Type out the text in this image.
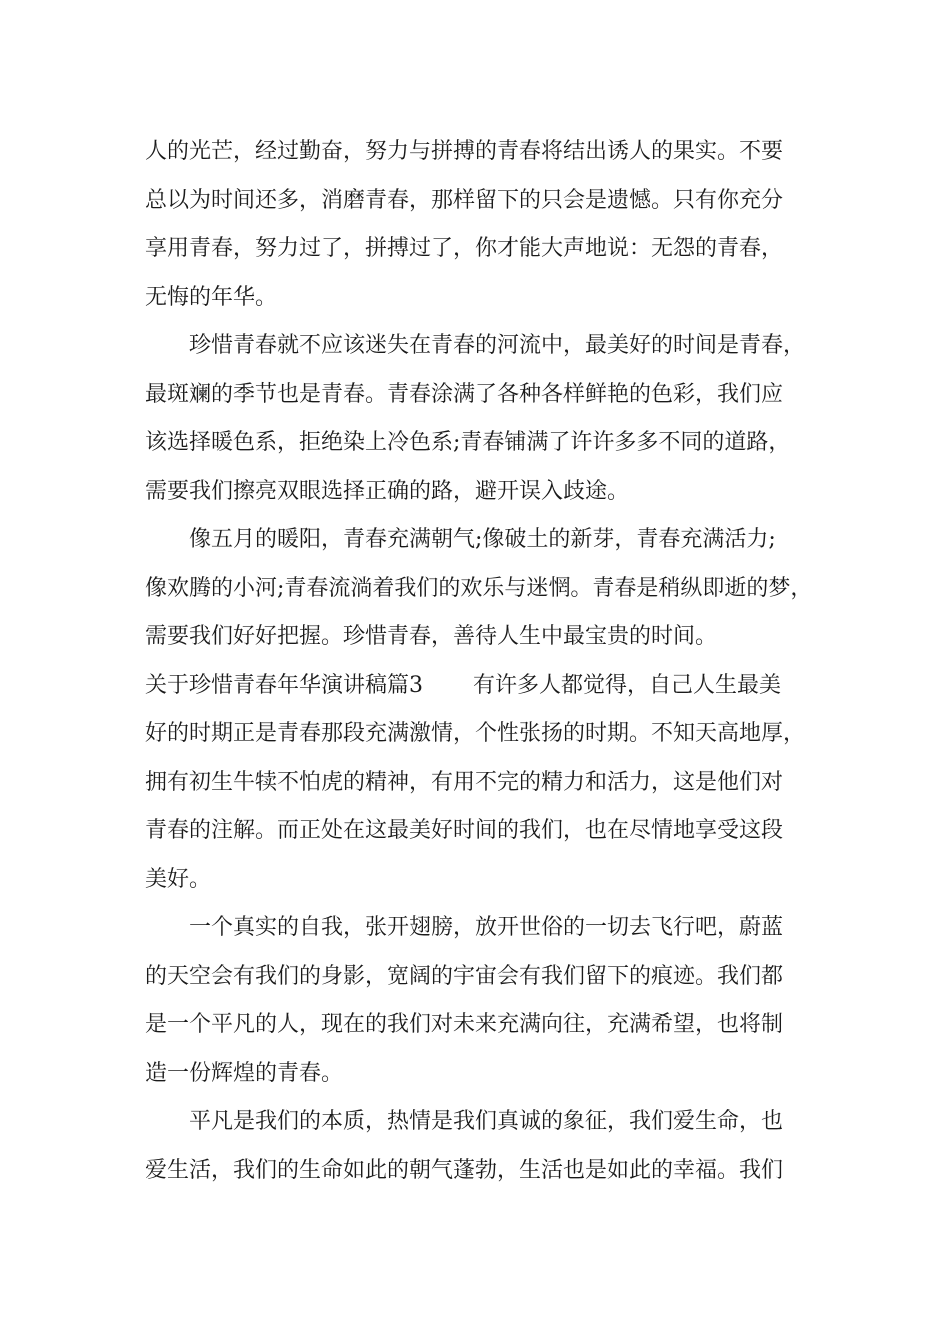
人的光芒，经过勤奋，努力与拼搏的青春将结出诱人的果实。不要
总以为时间还多，消磨青春，那样留下的只会是遗憾。只有你充分
享用青春，努力过了，拼搏过了，你才能大声地说：无怨的青春，
无悔的年华。
珍惜青春就不应该迷失在青春的河流中，最美好的时间是青春，
最斑斓的季节也是青春。青春涂满了各种各样鲜艳的色彩，我们应
该选择暖色系，拒绝染上冷色系;青春铺满了许许多多不同的道路，
需要我们擦亮双眼选择正确的路，避开误入歧途。
像五月的暖阳，青春充满朝气;像破土的新芽，青春充满活力;
像欢腾的小河;青春流淌着我们的欢乐与迷惘。青春是稍纵即逝的梦，
需要我们好好把握。珍惜青春，善待人生中最宝贵的时间。
关于珍惜青春年华演讲稿篇3 有许多人都觉得，自己人生最美
好的时期正是青春那段充满激情，个性张扬的时期。不知天高地厚，
拥有初生牛犊不怕虎的精神，有用不完的精力和活力，这是他们对
青春的注解。而正处在这最美好时间的我们，也在尽情地享受这段
美好。
一个真实的自我，张开翅膀，放开世俗的一切去飞行吧，蔚蓝
的天空会有我们的身影，宽阔的宇宙会有我们留下的痕迹。我们都
是一个平凡的人，现在的我们对未来充满向往，充满希望，也将制
造一份辉煌的青春。
平凡是我们的本质，热情是我们真诚的象征，我们爱生命，也
爱生活，我们的生命如此的朝气蓬勃，生活也是如此的幸福。我们
